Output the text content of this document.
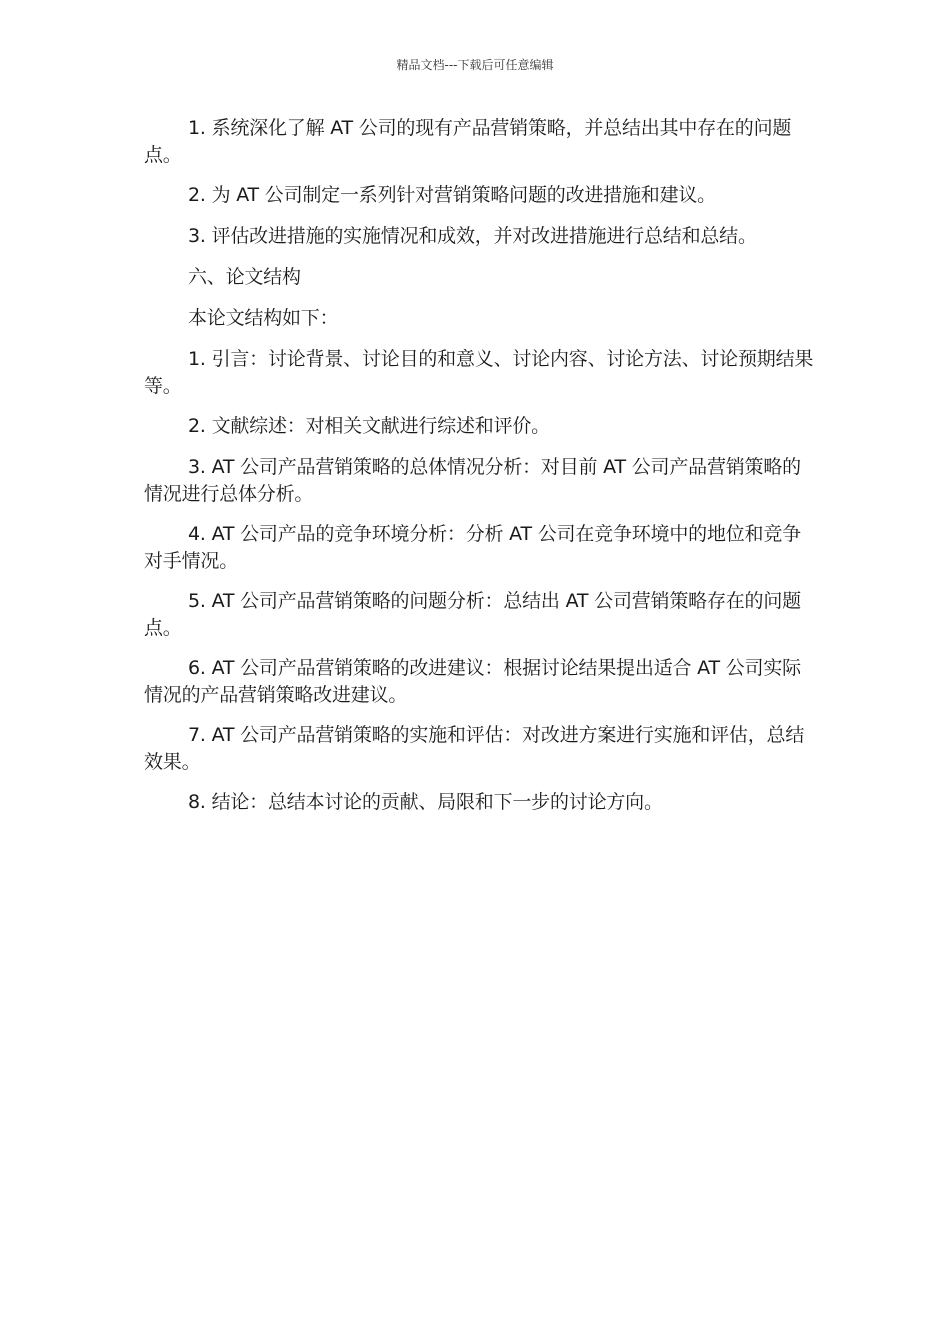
精品文档---下载后可任意编辑

1. 系统深化了解 AT 公司的现有产品营销策略，并总结出其中存在的问题点。

2. 为 AT 公司制定一系列针对营销策略问题的改进措施和建议。

3. 评估改进措施的实施情况和成效，并对改进措施进行总结和总结。

六、论文结构

本论文结构如下：

1. 引言：讨论背景、讨论目的和意义、讨论内容、讨论方法、讨论预期结果等。

2. 文献综述：对相关文献进行综述和评价。

3. AT 公司产品营销策略的总体情况分析：对目前 AT 公司产品营销策略的情况进行总体分析。

4. AT 公司产品的竞争环境分析：分析 AT 公司在竞争环境中的地位和竞争对手情况。

5. AT 公司产品营销策略的问题分析：总结出 AT 公司营销策略存在的问题点。

6. AT 公司产品营销策略的改进建议：根据讨论结果提出适合 AT 公司实际情况的产品营销策略改进建议。

7. AT 公司产品营销策略的实施和评估：对改进方案进行实施和评估，总结效果。

8. 结论：总结本讨论的贡献、局限和下一步的讨论方向。
